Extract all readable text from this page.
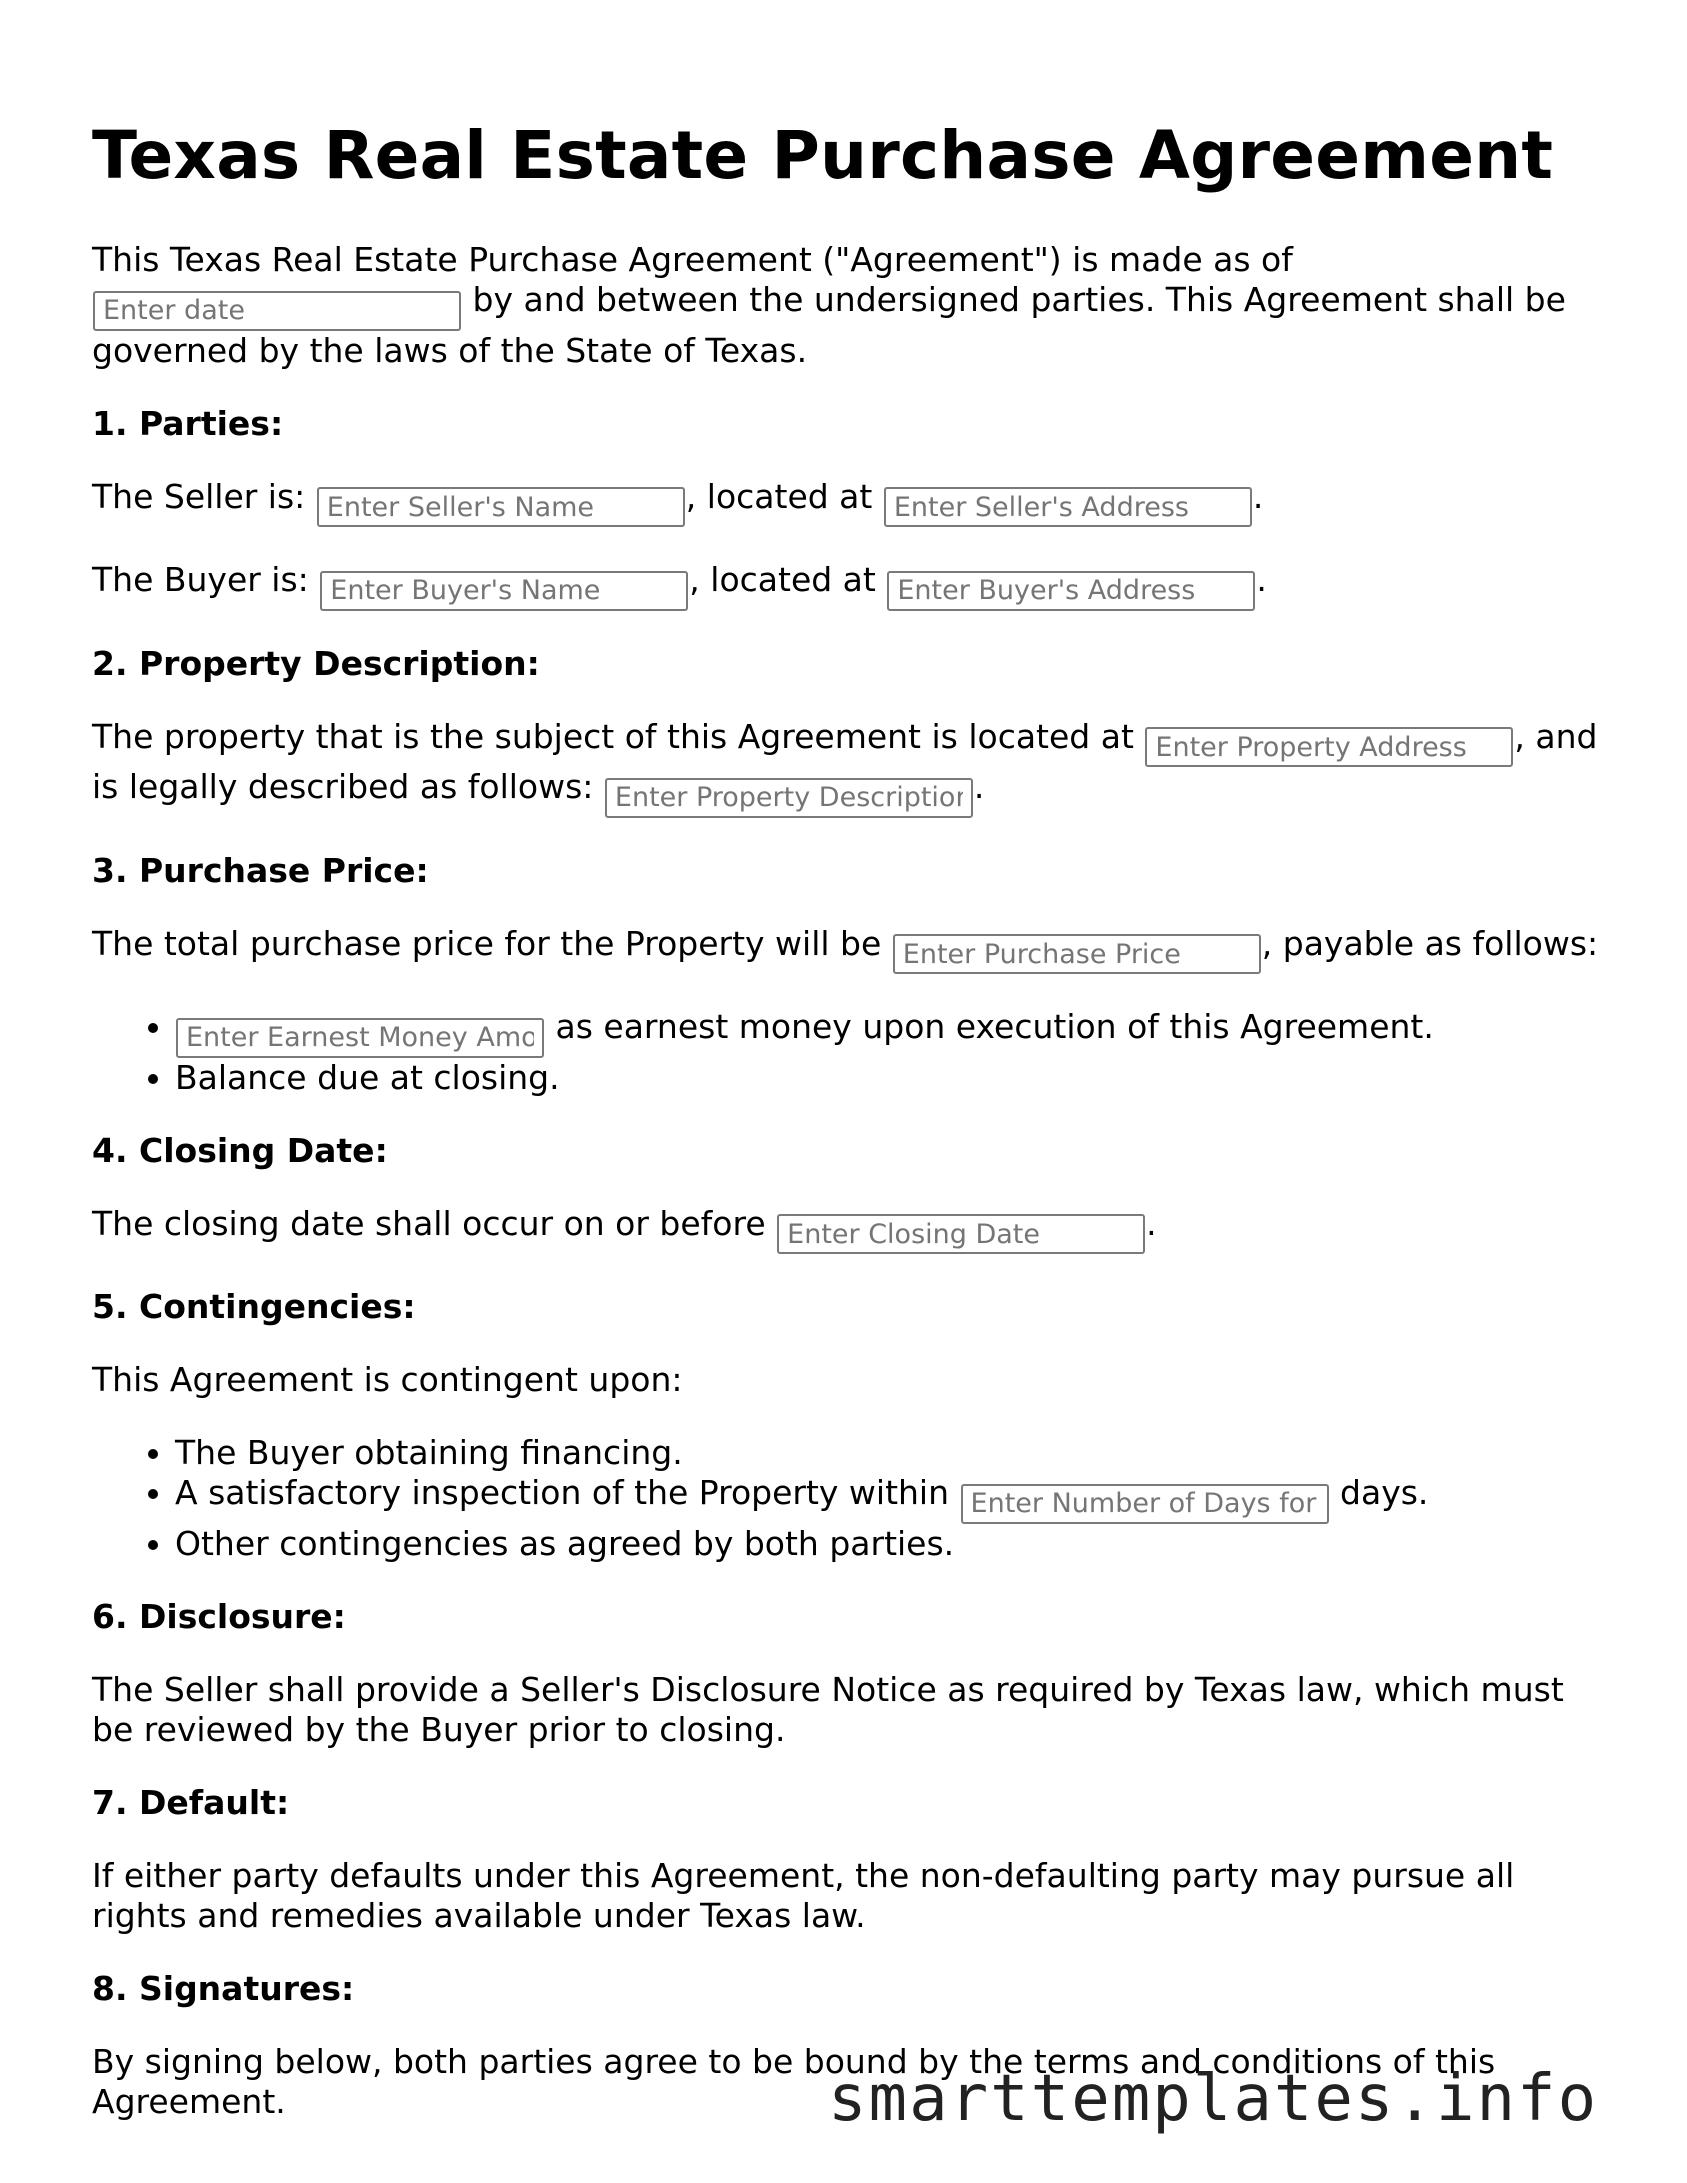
Texas Real Estate Purchase Agreement

This Texas Real Estate Purchase Agreement ("Agreement") is made as of
Enter date by and between the undersigned parties. This Agreement shall be governed by the laws of the State of Texas.

1. Parties:

The Seller is: Enter Seller's Name	, located at Enter Seller's Address	.

The Buyer is: Enter Buyer's Name	, located at Enter Buyer's Address	.

2. Property Description:

The property that is the subject of this Agreement is located at Enter Property Address	, and is legally described as follows: Enter Property Description	.

3. Purchase Price:

The total purchase price for the Property will be Enter Purchase Price	, payable as follows:

Enter Earnest Money Amount • as earnest money upon execution of this Agreement.
• Balance due at closing.
4. Closing Date:

The closing date shall occur on or before Enter Closing Date	.

5. Contingencies:

This Agreement is contingent upon:

• The Buyer obtaining financing.
• A satisfactory inspection of the Property within Enter Number of Days for Inspection	days.
• Other contingencies as agreed by both parties.
6. Disclosure:

The Seller shall provide a Seller's Disclosure Notice as required by Texas law, which must be reviewed by the Buyer prior to closing.

7. Default:

If either party defaults under this Agreement, the non-defaulting party may pursue all rights and remedies available under Texas law.

8. Signatures:

By signing below, both parties agree to be bound by the terms and conditions of this Agreement.	smarttemplates.info
